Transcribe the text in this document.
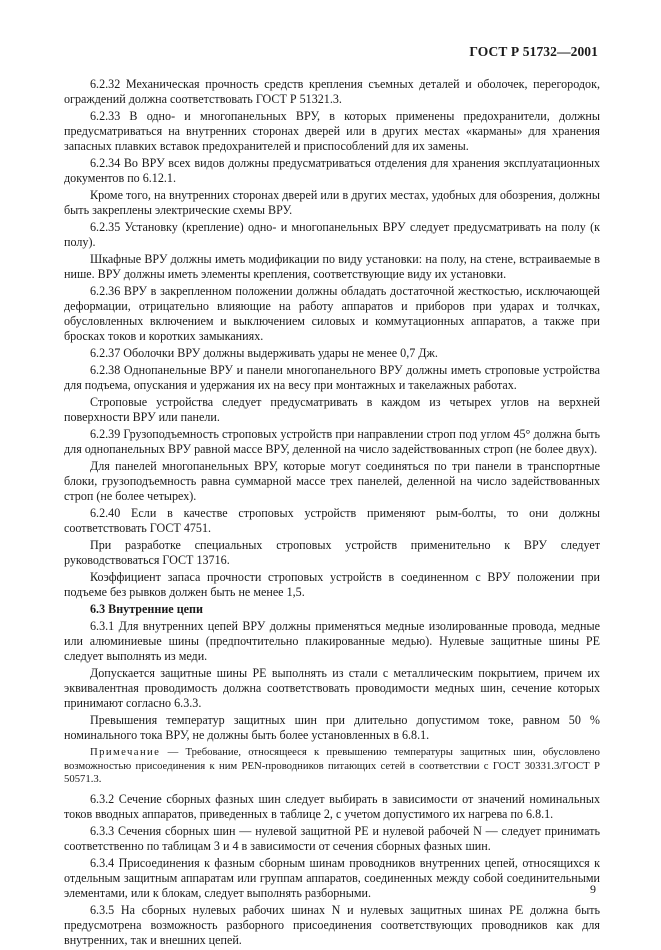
ГОСТ Р 51732—2001

6.2.32 Механическая прочность средств крепления съемных деталей и оболочек, перегородок, ограждений должна соответствовать ГОСТ Р 51321.3.

6.2.33 В одно- и многопанельных ВРУ, в которых применены предохранители, должны предусматриваться на внутренних сторонах дверей или в других местах «карманы» для хранения запасных плавких вставок предохранителей и приспособлений для их замены.

6.2.34 Во ВРУ всех видов должны предусматриваться отделения для хранения эксплуатационных документов по 6.12.1.

Кроме того, на внутренних сторонах дверей или в других местах, удобных для обозрения, должны быть закреплены электрические схемы ВРУ.

6.2.35 Установку (крепление) одно- и многопанельных ВРУ следует предусматривать на полу (к полу).

Шкафные ВРУ должны иметь модификации по виду установки: на полу, на стене, встраиваемые в нише. ВРУ должны иметь элементы крепления, соответствующие виду их установки.

6.2.36 ВРУ в закрепленном положении должны обладать достаточной жесткостью, исключающей деформации, отрицательно влияющие на работу аппаратов и приборов при ударах и толчках, обусловленных включением и выключением силовых и коммутационных аппаратов, а также при бросках токов и коротких замыканиях.

6.2.37 Оболочки ВРУ должны выдерживать удары не менее 0,7 Дж.

6.2.38 Однопанельные ВРУ и панели многопанельного ВРУ должны иметь строповые устройства для подъема, опускания и удержания их на весу при монтажных и такелажных работах.

Строповые устройства следует предусматривать в каждом из четырех углов на верхней поверхности ВРУ или панели.

6.2.39 Грузоподъемность строповых устройств при направлении строп под углом 45° должна быть для однопанельных ВРУ равной массе ВРУ, деленной на число задействованных строп (не более двух).

Для панелей многопанельных ВРУ, которые могут соединяться по три панели в транспортные блоки, грузоподъемность равна суммарной массе трех панелей, деленной на число задействованных строп (не более четырех).

6.2.40 Если в качестве строповых устройств применяют рым-болты, то они должны соответствовать ГОСТ 4751.

При разработке специальных строповых устройств применительно к ВРУ следует руководствоваться ГОСТ 13716.

Коэффициент запаса прочности строповых устройств в соединенном с ВРУ положении при подъеме без рывков должен быть не менее 1,5.

6.3 Внутренние цепи

6.3.1 Для внутренних цепей ВРУ должны применяться медные изолированные провода, медные или алюминиевые шины (предпочтительно плакированные медью). Нулевые защитные шины РЕ следует выполнять из меди.

Допускается защитные шины РЕ выполнять из стали с металлическим покрытием, причем их эквивалентная проводимость должна соответствовать проводимости медных шин, сечение которых принимают согласно 6.3.3.

Превышения температур защитных шин при длительно допустимом токе, равном 50 % номинального тока ВРУ, не должны быть более установленных в 6.8.1.

Примечание — Требование, относящееся к превышению температуры защитных шин, обусловлено возможностью присоединения к ним PEN-проводников питающих сетей в соответствии с ГОСТ 30331.3/ГОСТ Р 50571.3.

6.3.2 Сечение сборных фазных шин следует выбирать в зависимости от значений номинальных токов вводных аппаратов, приведенных в таблице 2, с учетом допустимого их нагрева по 6.8.1.

6.3.3 Сечения сборных шин — нулевой защитной РЕ и нулевой рабочей N — следует принимать соответственно по таблицам 3 и 4 в зависимости от сечения сборных фазных шин.

6.3.4 Присоединения к фазным сборным шинам проводников внутренних цепей, относящихся к отдельным защитным аппаратам или группам аппаратов, соединенных между собой соединительными элементами, или к блокам, следует выполнять разборными.

6.3.5 На сборных нулевых рабочих шинах N и нулевых защитных шинах РЕ должна быть предусмотрена возможность разборного присоединения соответствующих проводников как для внутренних, так и внешних цепей.

9
